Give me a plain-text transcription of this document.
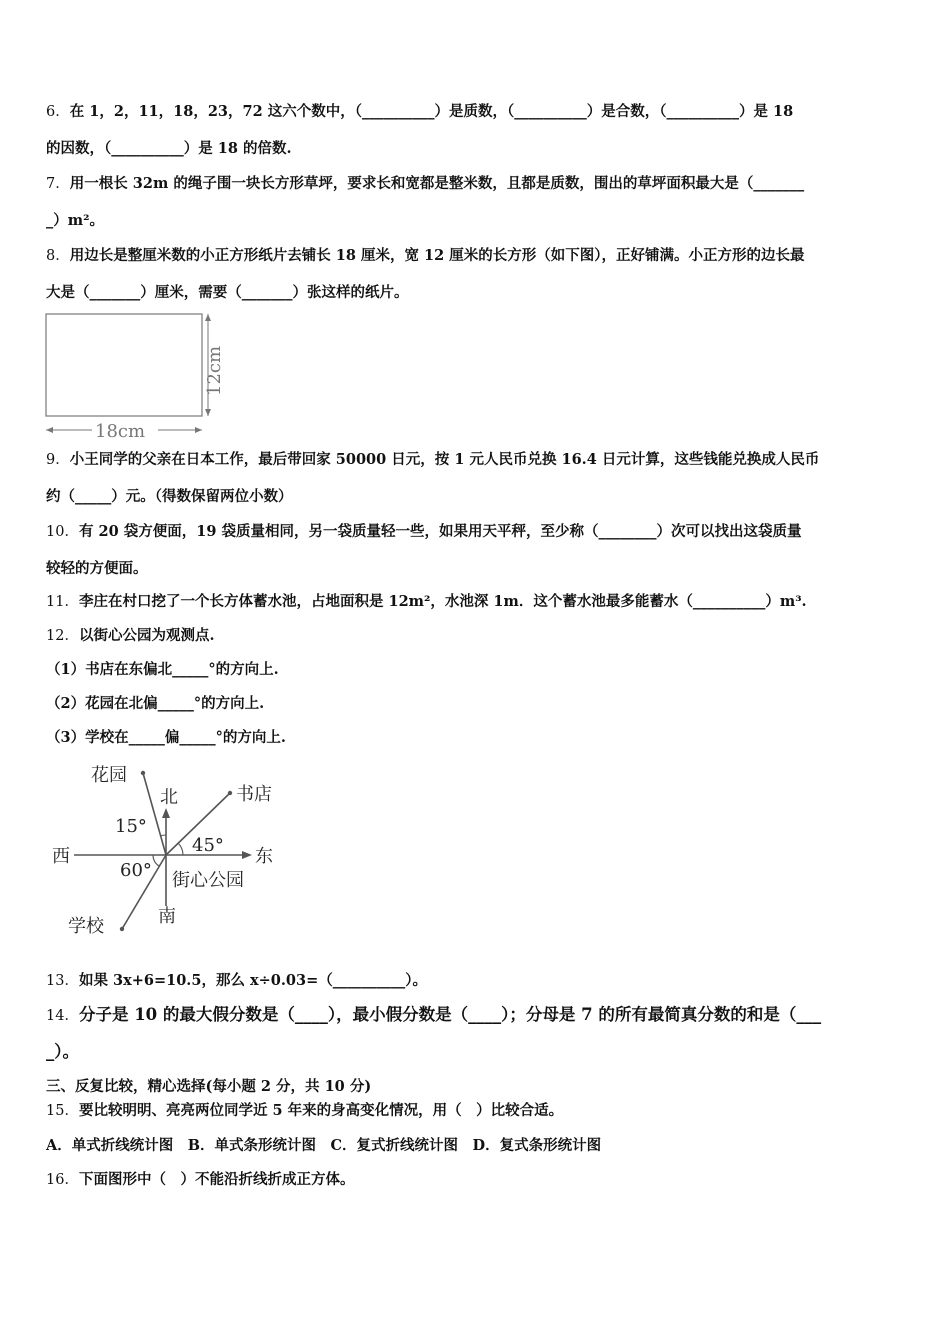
6．在 1，2，11，18，23，72 这六个数中，（__________）是质数，（__________）是合数，（__________）是 18
的因数，（__________）是 18 的倍数.
7．用一根长 32m 的绳子围一块长方形草坪，要求长和宽都是整米数，且都是质数，围出的草坪面积最大是（_______
_）m²。
8．用边长是整厘米数的小正方形纸片去铺长 18 厘米，宽 12 厘米的长方形（如下图），正好铺满。小正方形的边长最
大是（_______）厘米，需要（_______）张这样的纸片。
12cm
18cm
9．小王同学的父亲在日本工作，最后带回家 50000 日元，按 1 元人民币兑换 16.4 日元计算，这些钱能兑换成人民币
约（_____）元。（得数保留两位小数）
10．有 20 袋方便面，19 袋质量相同，另一袋质量轻一些，如果用天平秤，至少称（________）次可以找出这袋质量
较轻的方便面。
11．李庄在村口挖了一个长方体蓄水池，占地面积是 12m²，水池深 1m．这个蓄水池最多能蓄水（__________）m³.
12．以街心公园为观测点.
（1）书店在东偏北_____°的方向上.
（2）花园在北偏_____°的方向上.
（3）学校在_____偏_____°的方向上.
花园
北	书店
15°
45°
西	东
60° 街心公园
南
学校
13．如果 3x+6=10.5，那么 x÷0.03=（__________）。
14．分子是 10 的最大假分数是（____），最小假分数是（____）；分母是 7 的所有最简真分数的和是（___
_）。
三、反复比较，精心选择(每小题 2 分，共 10 分)
15．要比较明明、亮亮两位同学近 5 年来的身高变化情况，用（　）比较合适。
A．单式折线统计图　B．单式条形统计图　C．复式折线统计图　D．复式条形统计图
16．下面图形中（　）不能沿折线折成正方体。
